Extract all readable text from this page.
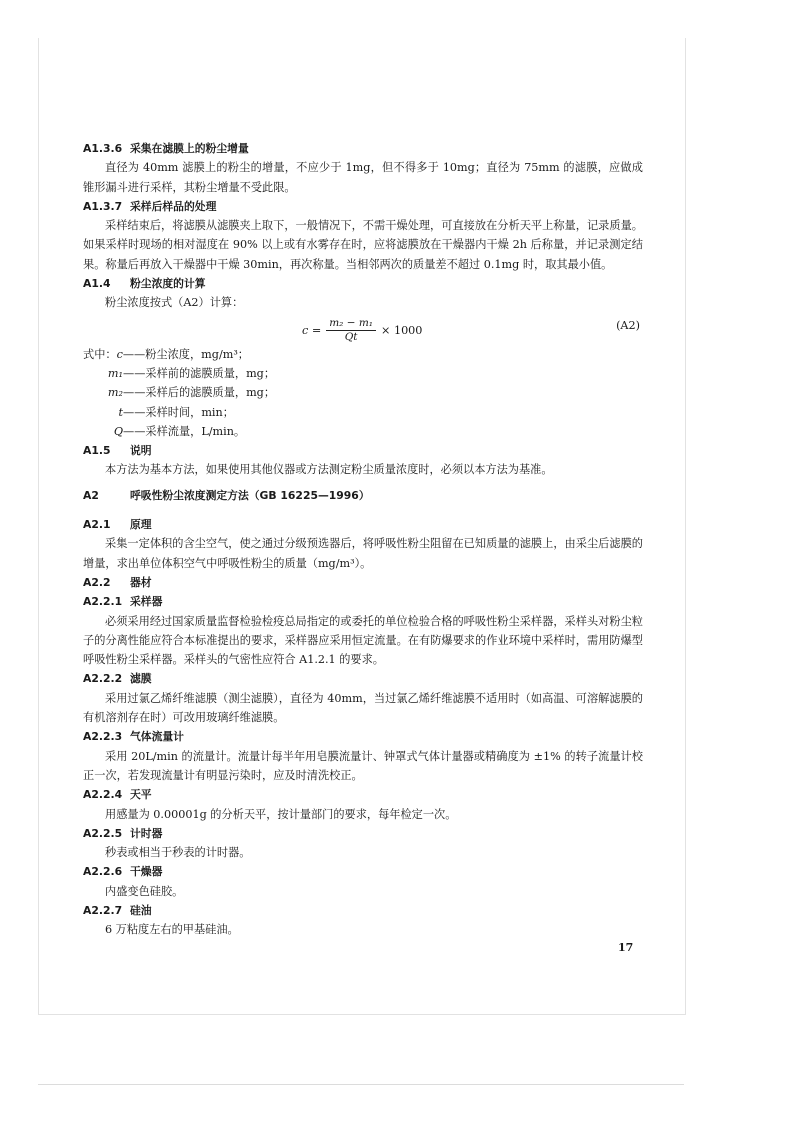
A1.3.6 采集在滤膜上的粉尘增量
直径为 40mm 滤膜上的粉尘的增量，不应少于 1mg，但不得多于 10mg；直径为 75mm 的滤膜，应做成锥形漏斗进行采样，其粉尘增量不受此限。
A1.3.7 采样后样品的处理
采样结束后，将滤膜从滤膜夹上取下，一般情况下，不需干燥处理，可直接放在分析天平上称量，记录质量。如果采样时现场的相对湿度在 90% 以上或有水雾存在时，应将滤膜放在干燥器内干燥 2h 后称量，并记录测定结果。称量后再放入干燥器中干燥 30min，再次称量。当相邻两次的质量差不超过 0.1mg 时，取其最小值。
A1.4 粉尘浓度的计算
粉尘浓度按式（A2）计算：
$c = \frac{\text{m₂ − m₁}}{Qt} \times 1000$	(A2)
式中：c——粉尘浓度，mg/m³；
m₁——采样前的滤膜质量，mg；
m₂——采样后的滤膜质量，mg；
t——采样时间，min；
Q——采样流量，L/min。
A1.5 说明
本方法为基本方法，如果使用其他仪器或方法测定粉尘质量浓度时，必须以本方法为基准。
A2	呼吸性粉尘浓度测定方法（GB 16225—1996）
A2.1 原理
采集一定体积的含尘空气，使之通过分级预选器后，将呼吸性粉尘阻留在已知质量的滤膜上，由采尘后滤膜的增量，求出单位体积空气中呼吸性粉尘的质量（mg/m³）。
A2.2 器材
A2.2.1 采样器
必须采用经过国家质量监督检验检疫总局指定的或委托的单位检验合格的呼吸性粉尘采样器，采样头对粉尘粒子的分离性能应符合本标准提出的要求，采样器应采用恒定流量。在有防爆要求的作业环境中采样时，需用防爆型呼吸性粉尘采样器。采样头的气密性应符合 A1.2.1 的要求。
A2.2.2 滤膜
采用过氯乙烯纤维滤膜（测尘滤膜），直径为 40mm，当过氯乙烯纤维滤膜不适用时（如高温、可溶解滤膜的有机溶剂存在时）可改用玻璃纤维滤膜。
A2.2.3 气体流量计
采用 20L/min 的流量计。流量计每半年用皂膜流量计、钟罩式气体计量器或精确度为 ±1% 的转子流量计校正一次，若发现流量计有明显污染时，应及时清洗校正。
A2.2.4 天平
用感量为 0.00001g 的分析天平，按计量部门的要求，每年检定一次。
A2.2.5 计时器
秒表或相当于秒表的计时器。
A2.2.6 干燥器
内盛变色硅胶。
A2.2.7 硅油
6 万粘度左右的甲基硅油。
17
